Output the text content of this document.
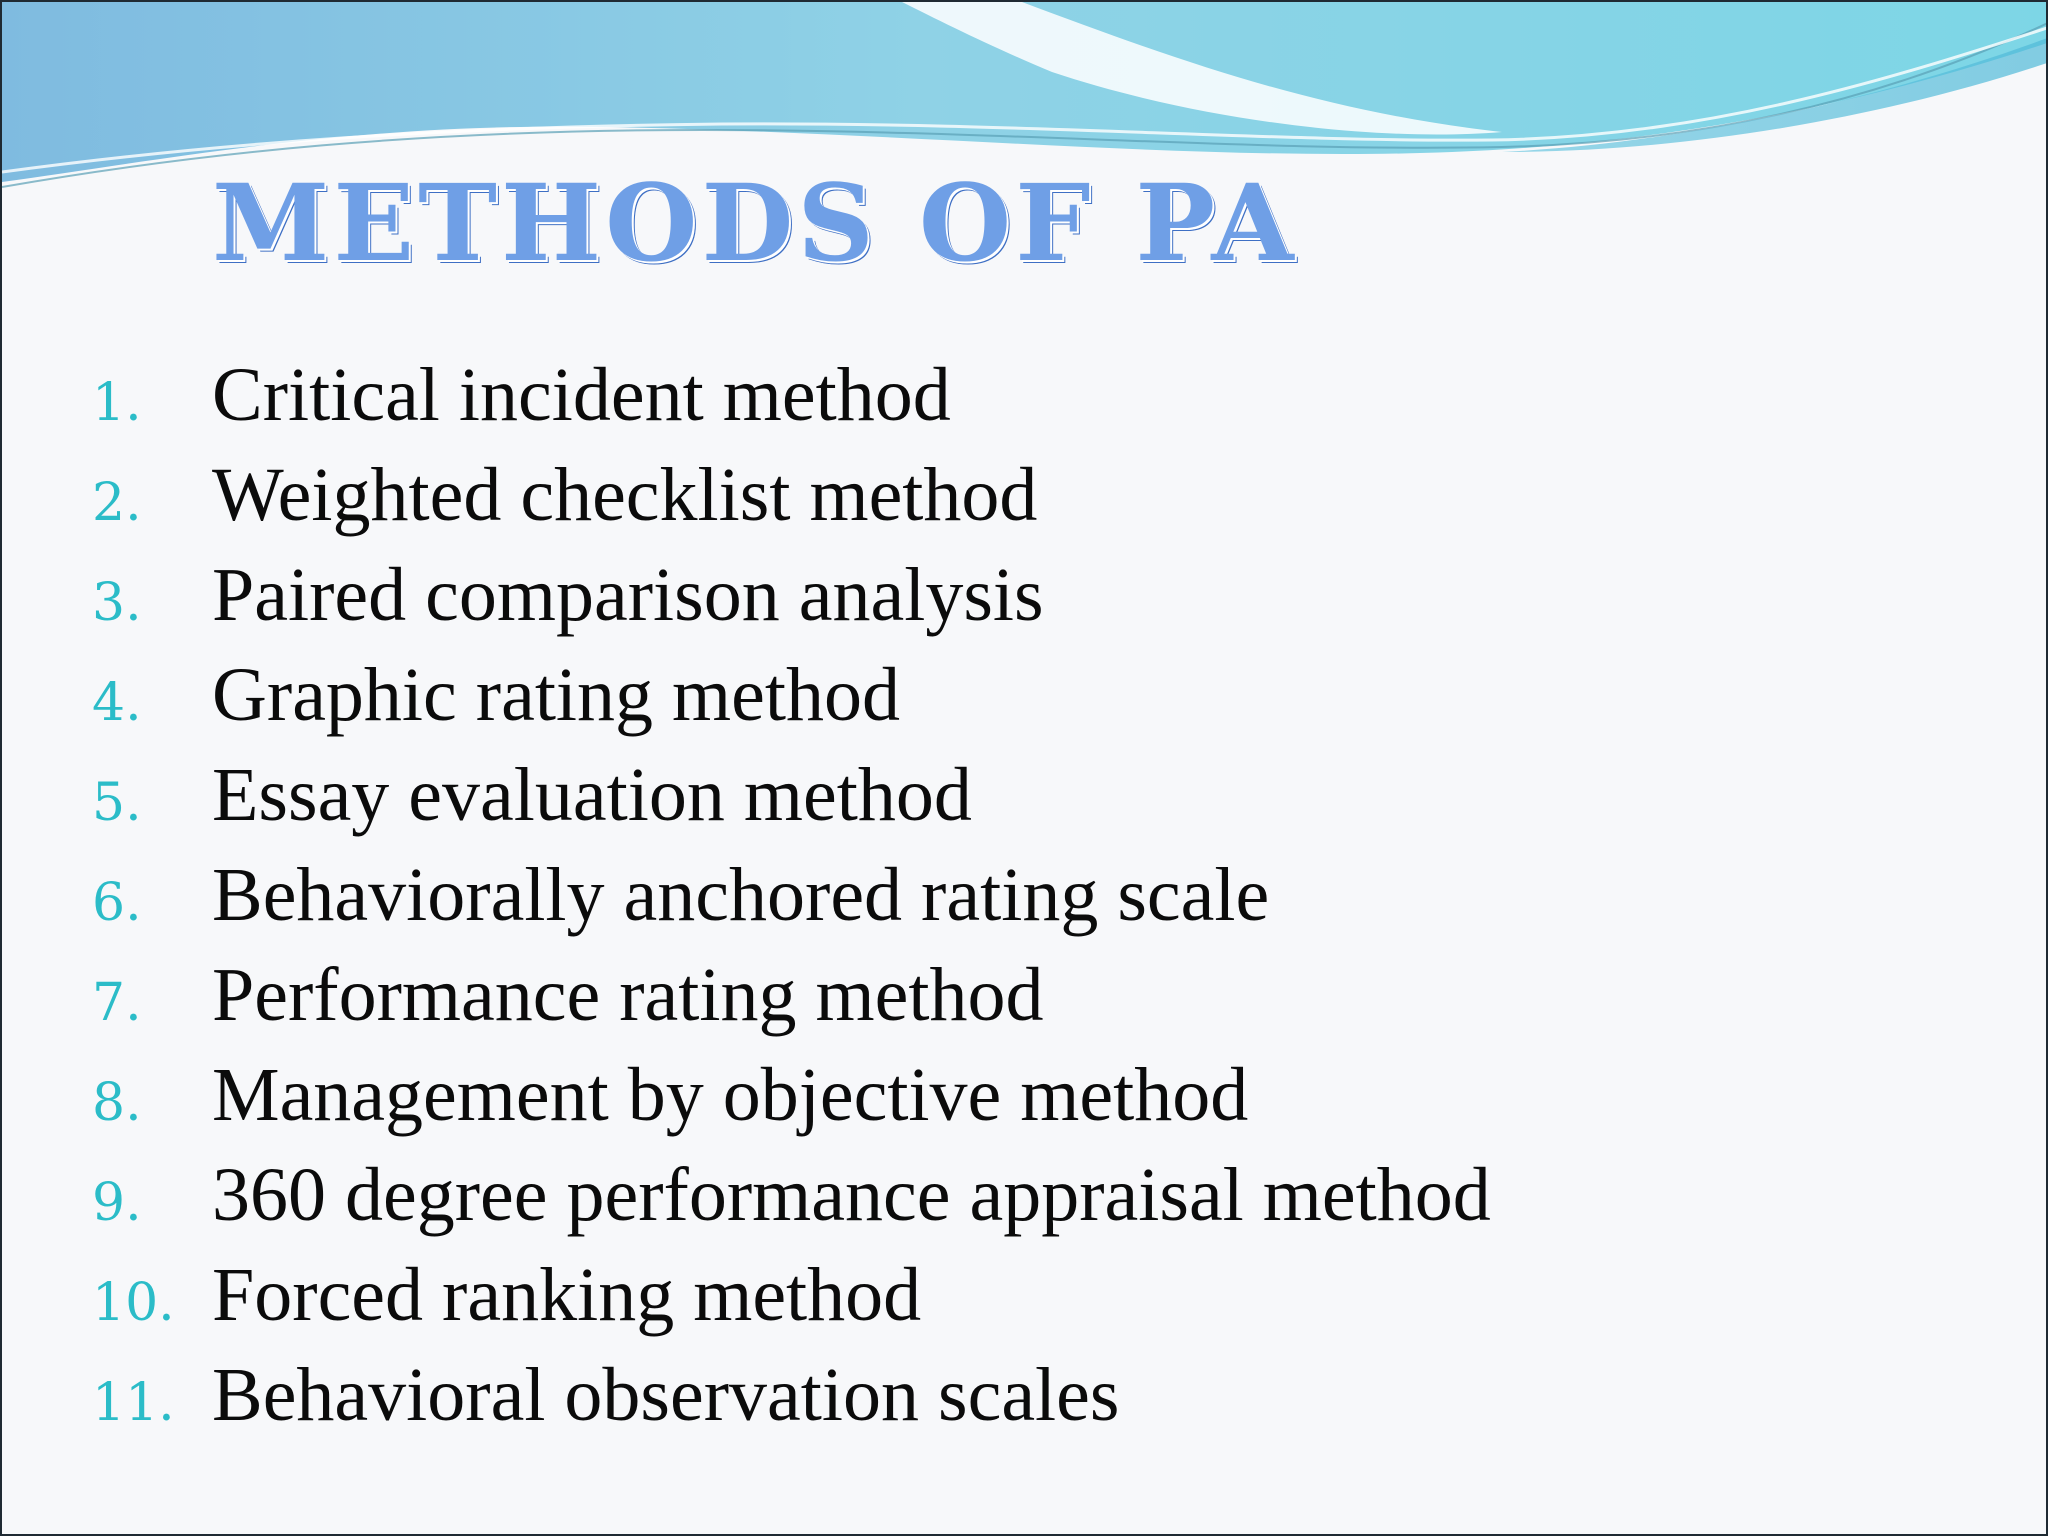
METHODS OF PA
1. Critical incident method
2. Weighted checklist method
3. Paired comparison analysis
4. Graphic rating method
5. Essay evaluation method
6. Behaviorally anchored rating scale
7. Performance rating method
8. Management by objective method
9. 360 degree performance appraisal method
10. Forced ranking method
11. Behavioral observation scales
